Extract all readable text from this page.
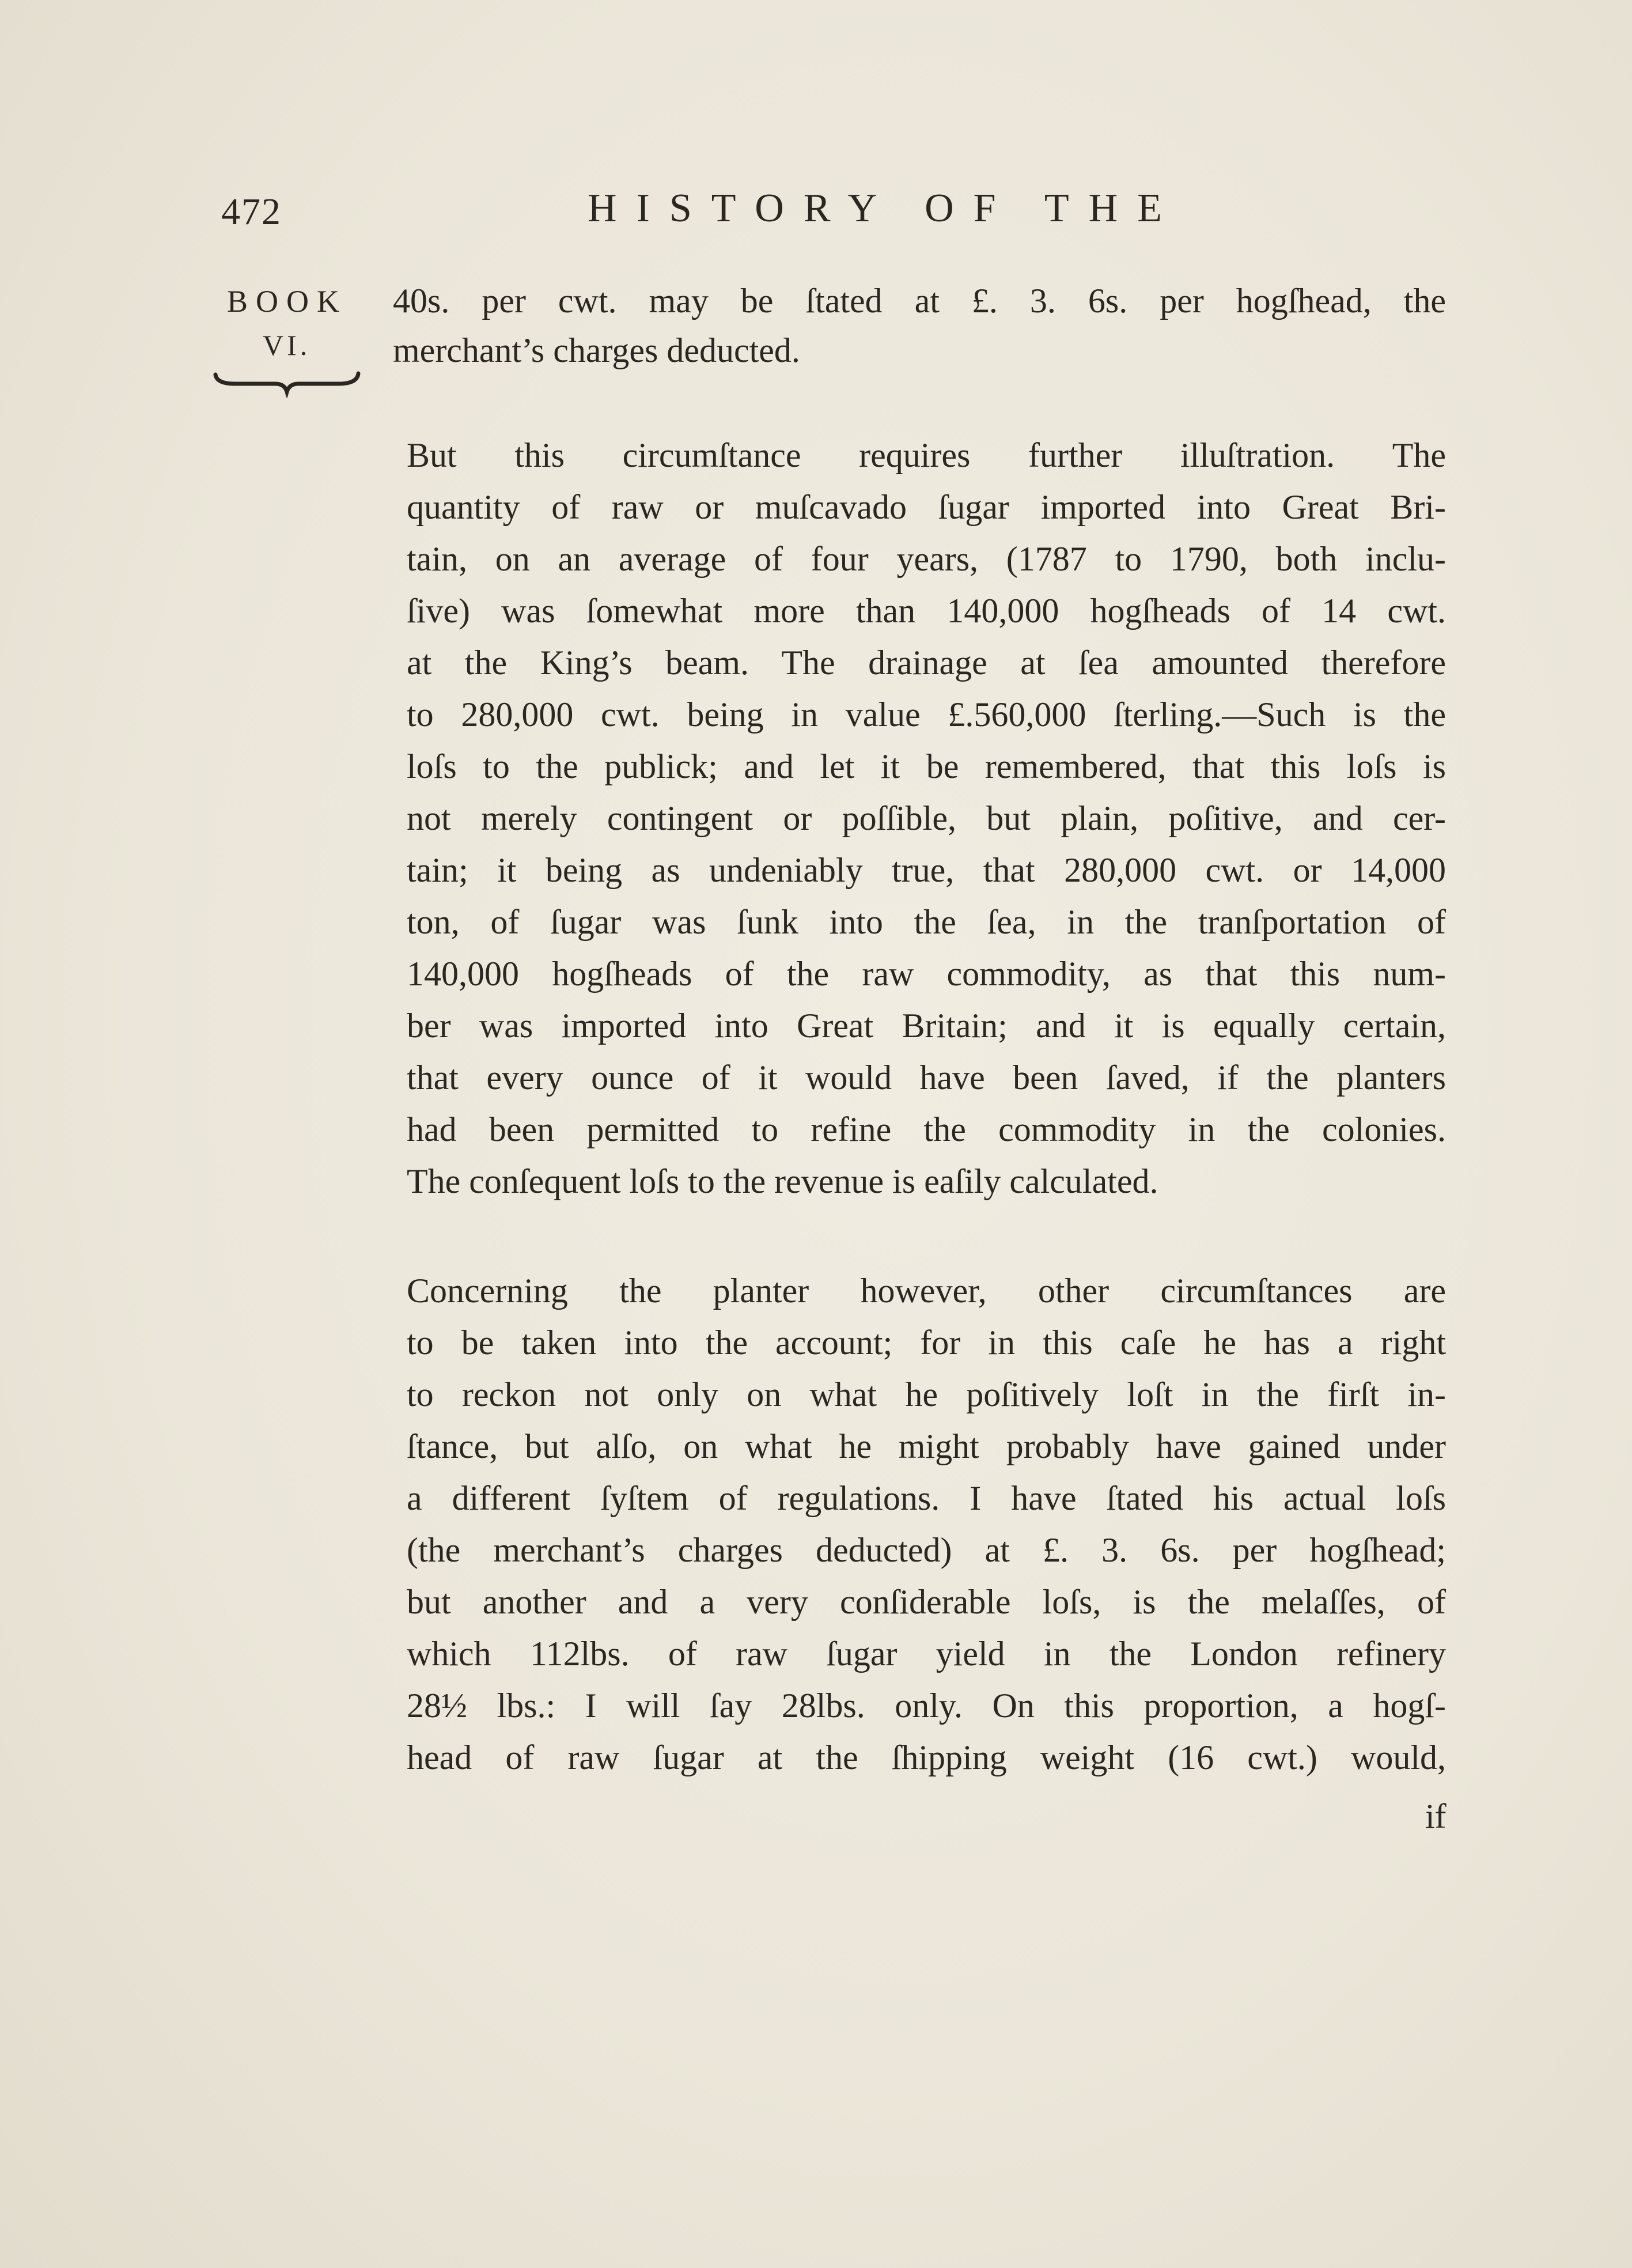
472	HISTORY OF THE
BOOK
VI.
40s. per cwt. may be ſtated at £. 3. 6s. per hogſhead, the
merchant’s charges deducted.
But this circumſtance requires further illuſtration. The
quantity of raw or muſcavado ſugar imported into Great Bri-
tain, on an average of four years, (1787 to 1790, both inclu-
ſive) was ſomewhat more than 140,000 hogſheads of 14 cwt.
at the King’s beam. The drainage at ſea amounted therefore
to 280,000 cwt. being in value £.560,000 ſterling.—Such is the
loſs to the publick; and let it be remembered, that this loſs is
not merely contingent or poſſible, but plain, poſitive, and cer-
tain; it being as undeniably true, that 280,000 cwt. or 14,000
ton, of ſugar was ſunk into the ſea, in the tranſportation of
140,000 hogſheads of the raw commodity, as that this num-
ber was imported into Great Britain; and it is equally certain,
that every ounce of it would have been ſaved, if the planters
had been permitted to refine the commodity in the colonies.
The conſequent loſs to the revenue is eaſily calculated.
Concerning the planter however, other circumſtances are
to be taken into the account; for in this caſe he has a right
to reckon not only on what he poſitively loſt in the firſt in-
ſtance, but alſo, on what he might probably have gained under
a different ſyſtem of regulations. I have ſtated his actual loſs
(the merchant’s charges deducted) at £. 3. 6s. per hogſhead;
but another and a very conſiderable loſs, is the melaſſes, of
which 112lbs. of raw ſugar yield in the London refinery
28½ lbs.: I will ſay 28lbs. only. On this proportion, a hogſ-
head of raw ſugar at the ſhipping weight (16 cwt.) would,
if
